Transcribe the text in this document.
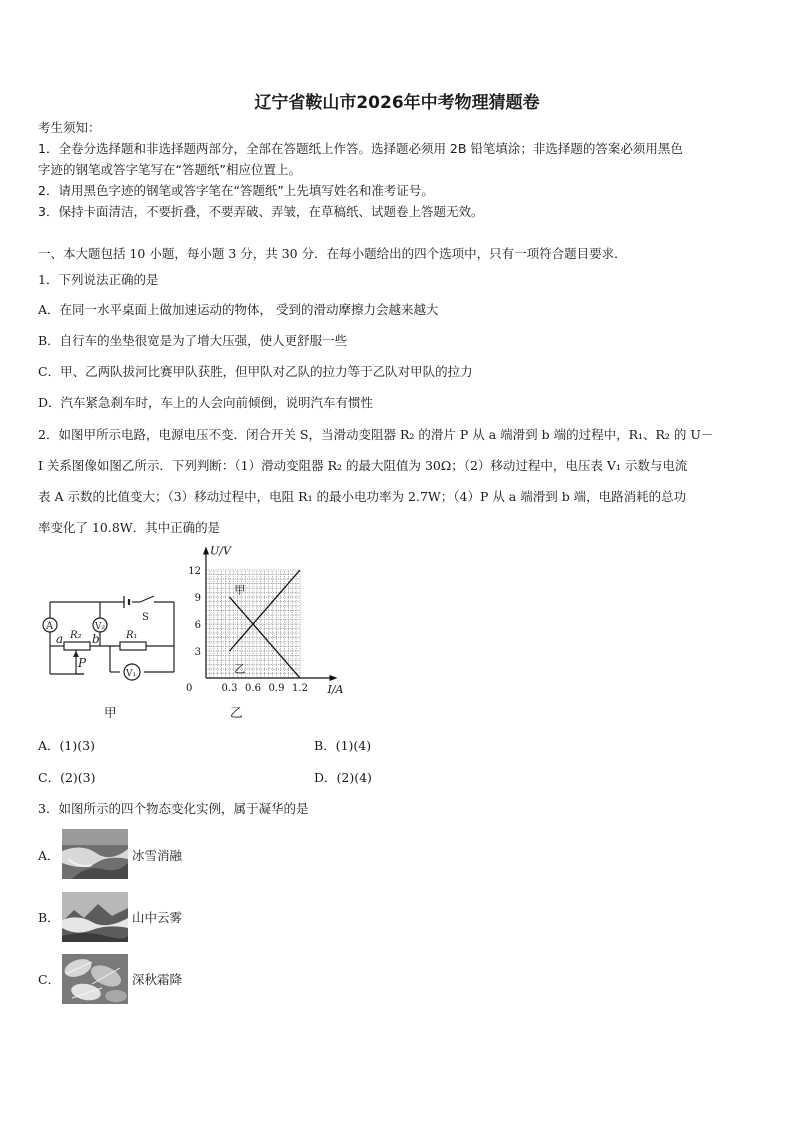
辽宁省鞍山市2026年中考物理猜题卷
考生须知：
1．全卷分选择题和非选择题两部分，全部在答题纸上作答。选择题必须用 2B 铅笔填涂；非选择题的答案必须用黑色
字迹的钢笔或答字笔写在“答题纸”相应位置上。
2．请用黑色字迹的钢笔或答字笔在“答题纸”上先填写姓名和准考证号。
3．保持卡面清洁，不要折叠，不要弄破、弄皱，在草稿纸、试题卷上答题无效。
一、本大题包括 10 小题，每小题 3 分，共 30 分．在每小题给出的四个选项中，只有一项符合题目要求．
1．下列说法正确的是
A．在同一水平桌面上做加速运动的物体， 受到的滑动摩擦力会越来越大
B．自行车的坐垫很宽是为了增大压强，使人更舒服一些
C．甲、乙两队拔河比赛甲队获胜，但甲队对乙队的拉力等于乙队对甲队的拉力
D．汽车紧急刹车时，车上的人会向前倾倒，说明汽车有惯性
2．如图甲所示电路，电源电压不变．闭合开关 S，当滑动变阻器 R₂ 的滑片 P 从 a 端滑到 b 端的过程中，R₁、R₂ 的 U－
I 关系图像如图乙所示．下列判断：（1）滑动变阻器 R₂ 的最大阻值为 30Ω；（2）移动过程中，电压表 V₁ 示数与电流
表 A 示数的比值变大；（3）移动过程中，电阻 R₁ 的最小电功率为 2.7W；（4）P 从 a 端滑到 b 端，电路消耗的总功
率变化了 10.8W．其中正确的是
A	V₂
V₁
S
R₂	R₁
a b
P
甲
乙
0.3 0.6 0.9 1.2
3
6
9
12
0	I/A
U/V
甲	乙
A．(1)(3)	B．(1)(4)
C．(2)(3)	D．(2)(4)
3．如图所示的四个物态变化实例，属于凝华的是
A．	冰雪消融
B．	山中云雾
C．	深秋霜降
